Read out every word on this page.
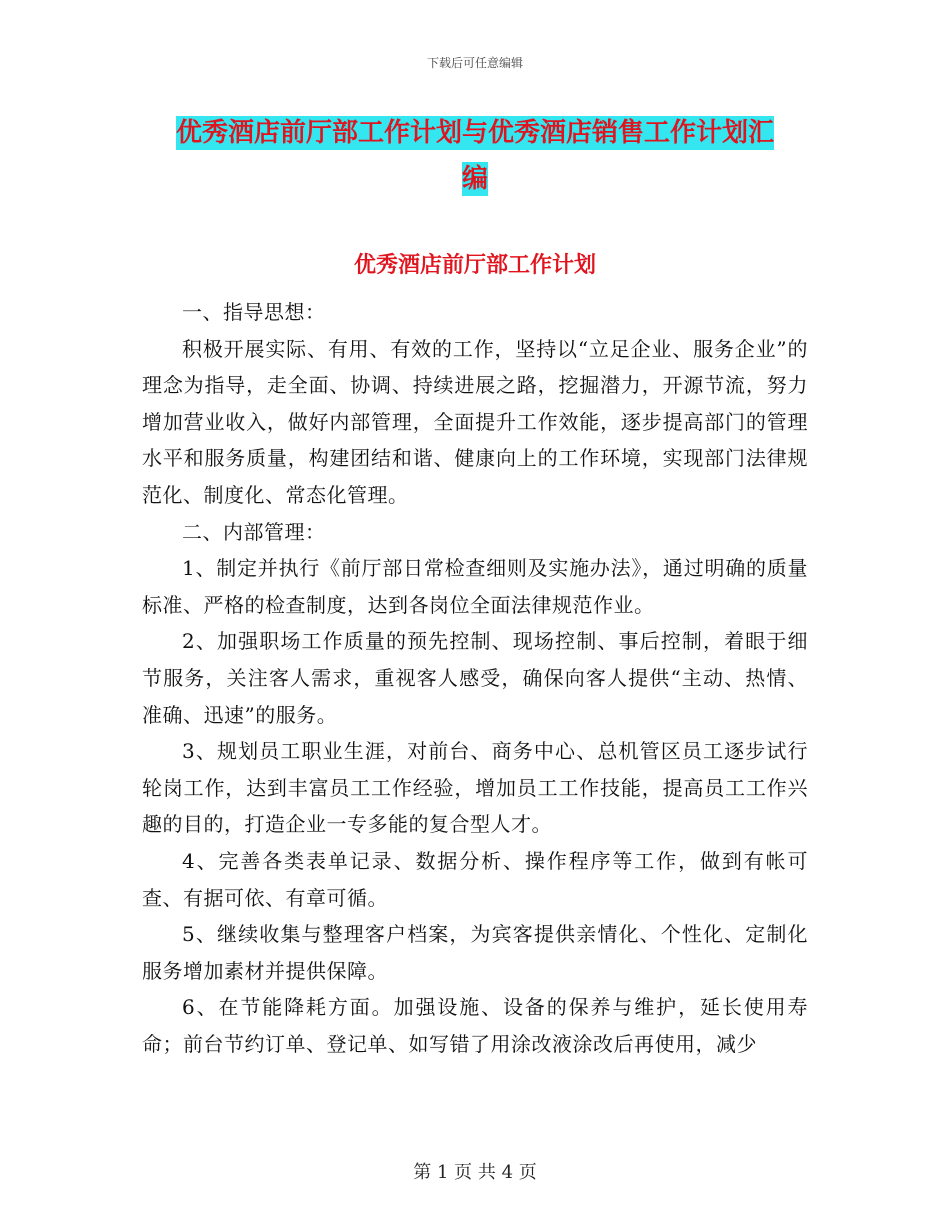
下载后可任意编辑
优秀酒店前厅部工作计划与优秀酒店销售工作计划汇
编
优秀酒店前厅部工作计划

一、指导思想：

积极开展实际、有用、有效的工作，坚持以“立足企业、服务企业”的理念为指导，走全面、协调、持续进展之路，挖掘潜力，开源节流，努力增加营业收入，做好内部管理，全面提升工作效能，逐步提高部门的管理水平和服务质量，构建团结和谐、健康向上的工作环境，实现部门法律规范化、制度化、常态化管理。

二、内部管理：

1、制定并执行《前厅部日常检查细则及实施办法》，通过明确的质量标准、严格的检查制度，达到各岗位全面法律规范作业。

2、加强职场工作质量的预先控制、现场控制、事后控制，着眼于细节服务，关注客人需求，重视客人感受，确保向客人提供“主动、热情、准确、迅速”的服务。

3、规划员工职业生涯，对前台、商务中心、总机管区员工逐步试行轮岗工作，达到丰富员工工作经验，增加员工工作技能，提高员工工作兴趣的目的，打造企业一专多能的复合型人才。

4、完善各类表单记录、数据分析、操作程序等工作，做到有帐可查、有据可依、有章可循。

5、继续收集与整理客户档案，为宾客提供亲情化、个性化、定制化服务增加素材并提供保障。

6、在节能降耗方面。加强设施、设备的保养与维护，延长使用寿命；前台节约订单、登记单、如写错了用涂改液涂改后再使用，减少

第 1 页 共 4 页
